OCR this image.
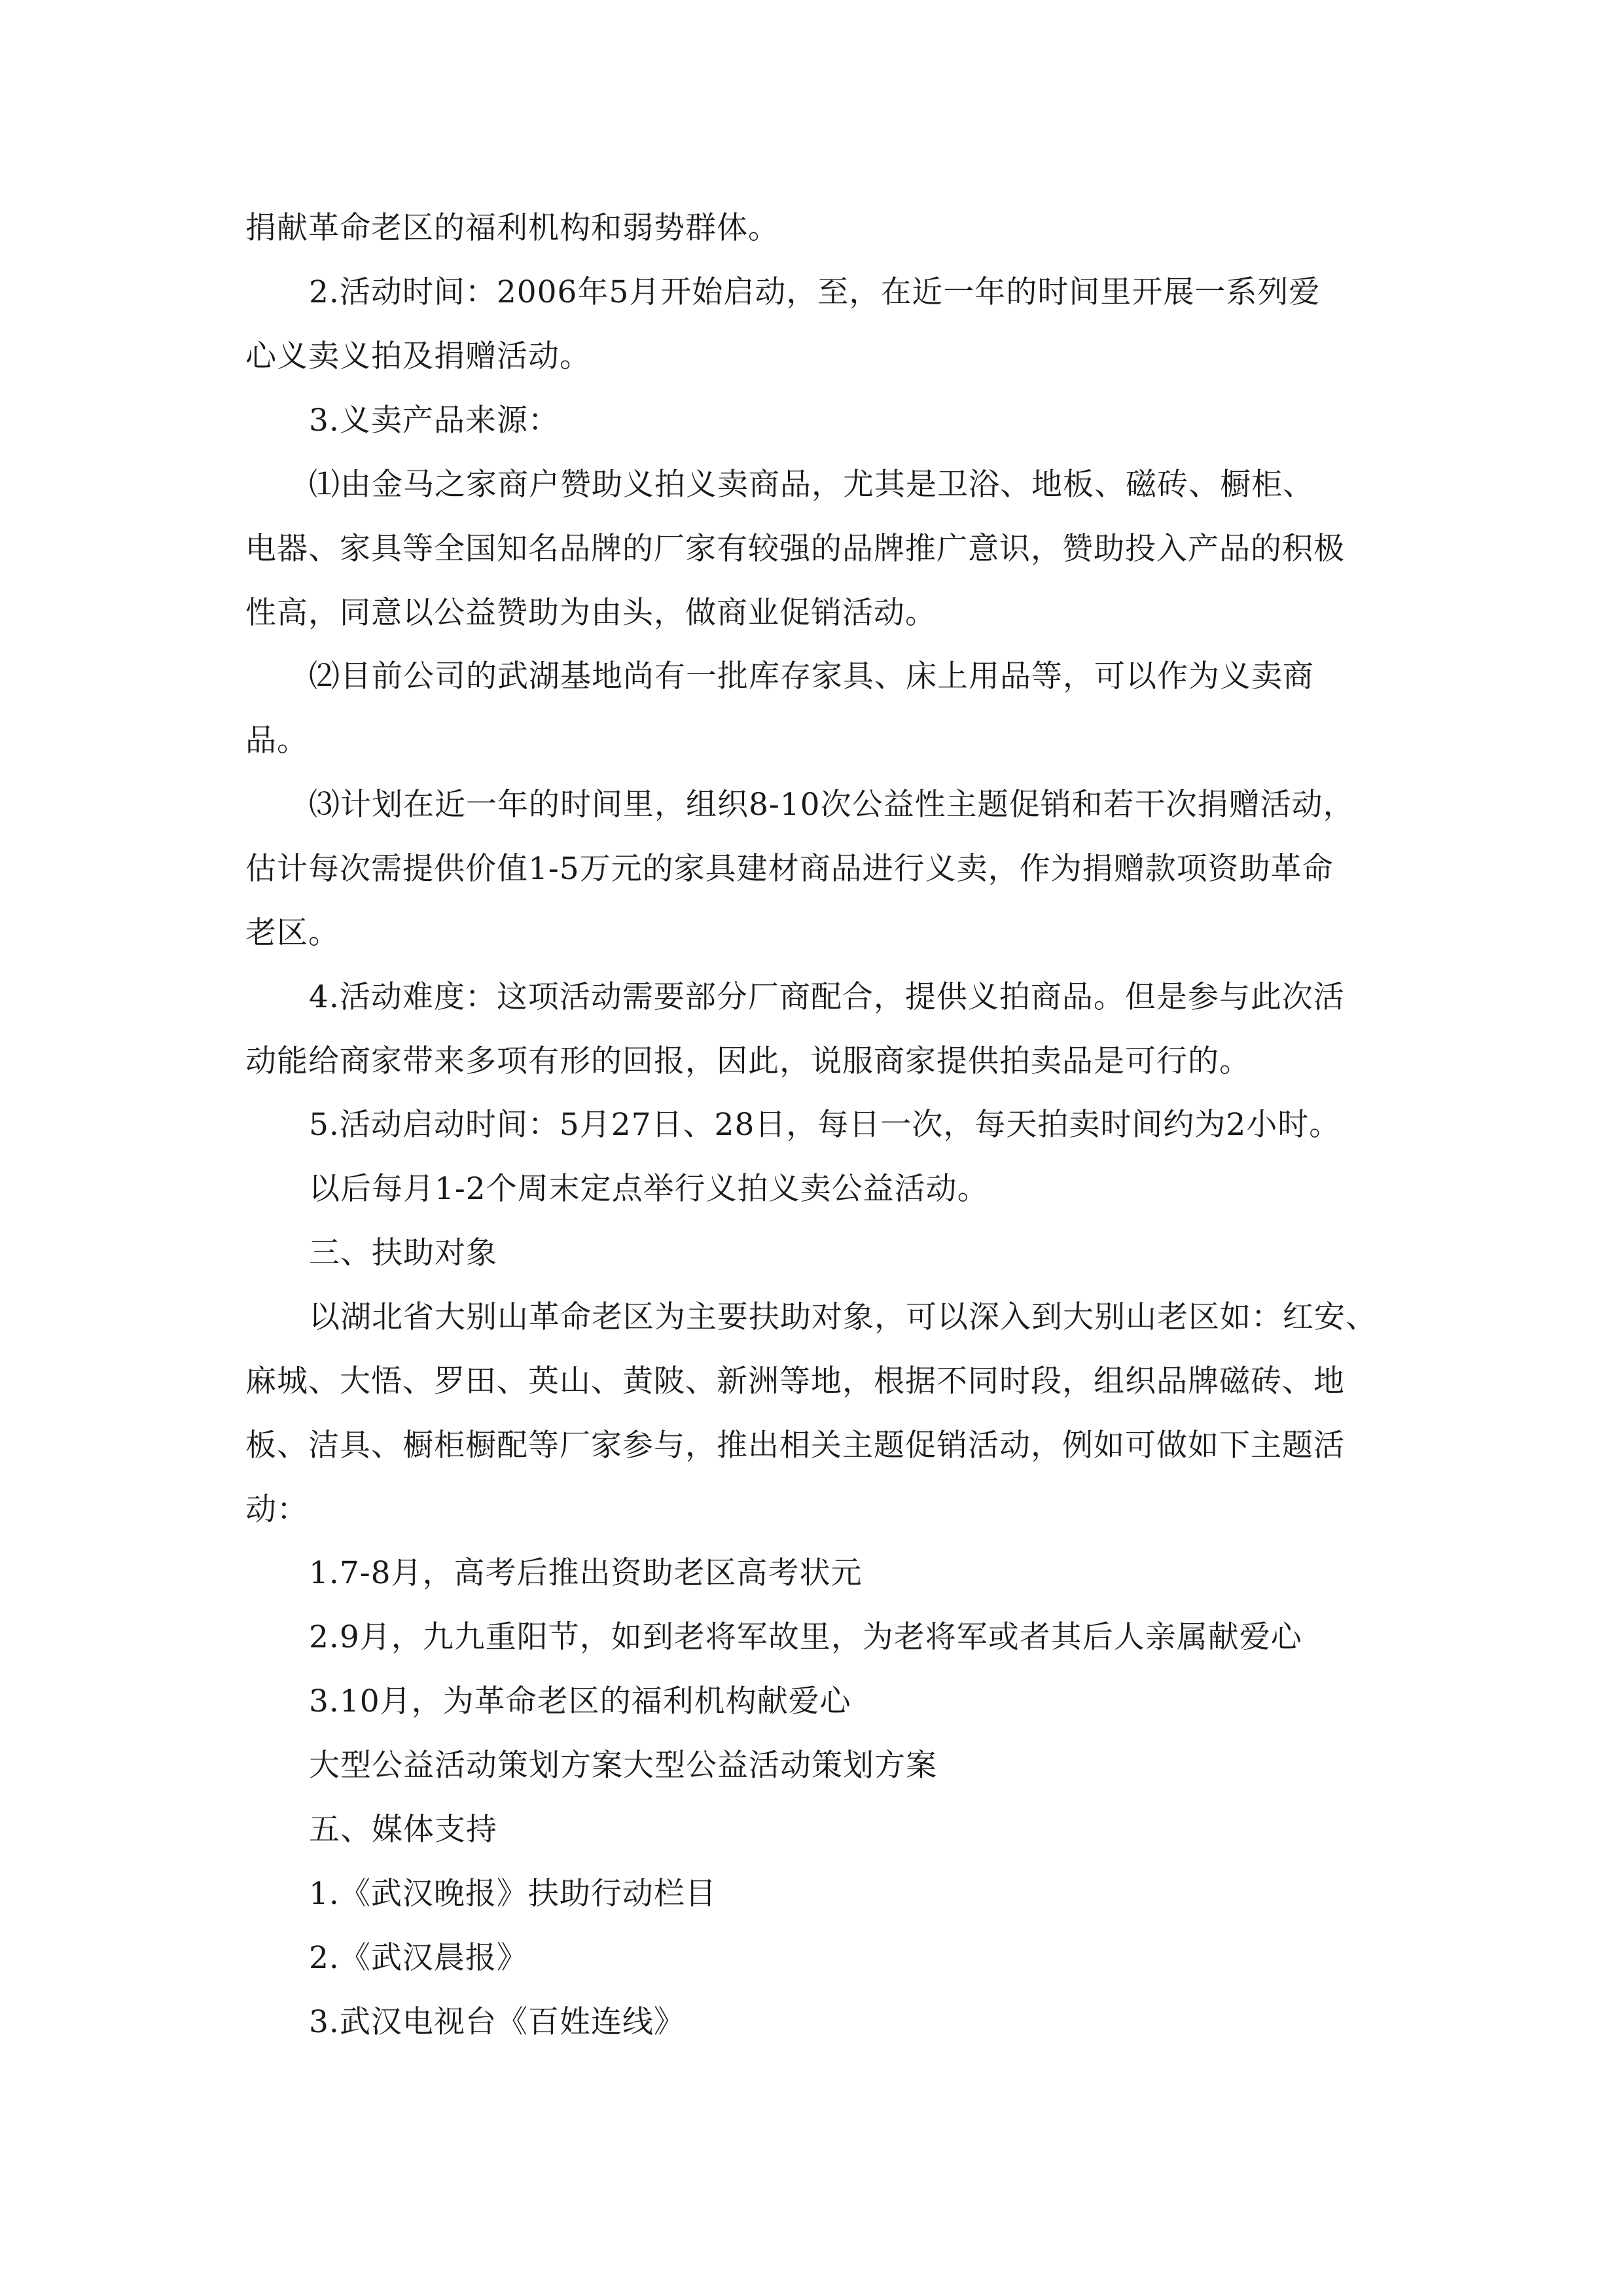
捐献革命老区的福利机构和弱势群体。
2.活动时间：2006年5月开始启动，至，在近一年的时间里开展一系列爱
心义卖义拍及捐赠活动。
3.义卖产品来源：
⑴由金马之家商户赞助义拍义卖商品，尤其是卫浴、地板、磁砖、橱柜、
电器、家具等全国知名品牌的厂家有较强的品牌推广意识，赞助投入产品的积极
性高，同意以公益赞助为由头，做商业促销活动。
⑵目前公司的武湖基地尚有一批库存家具、床上用品等，可以作为义卖商
品。
⑶计划在近一年的时间里，组织8-10次公益性主题促销和若干次捐赠活动，
估计每次需提供价值1-5万元的家具建材商品进行义卖，作为捐赠款项资助革命
老区。
4.活动难度：这项活动需要部分厂商配合，提供义拍商品。但是参与此次活
动能给商家带来多项有形的回报，因此，说服商家提供拍卖品是可行的。
5.活动启动时间：5月27日、28日，每日一次，每天拍卖时间约为2小时。
以后每月1-2个周末定点举行义拍义卖公益活动。
三、扶助对象
以湖北省大别山革命老区为主要扶助对象，可以深入到大别山老区如：红安、
麻城、大悟、罗田、英山、黄陂、新洲等地，根据不同时段，组织品牌磁砖、地
板、洁具、橱柜橱配等厂家参与，推出相关主题促销活动，例如可做如下主题活
动：
1.7-8月，高考后推出资助老区高考状元
2.9月，九九重阳节，如到老将军故里，为老将军或者其后人亲属献爱心
3.10月，为革命老区的福利机构献爱心
大型公益活动策划方案大型公益活动策划方案
五、媒体支持
1.《武汉晚报》扶助行动栏目
2.《武汉晨报》
3.武汉电视台《百姓连线》
